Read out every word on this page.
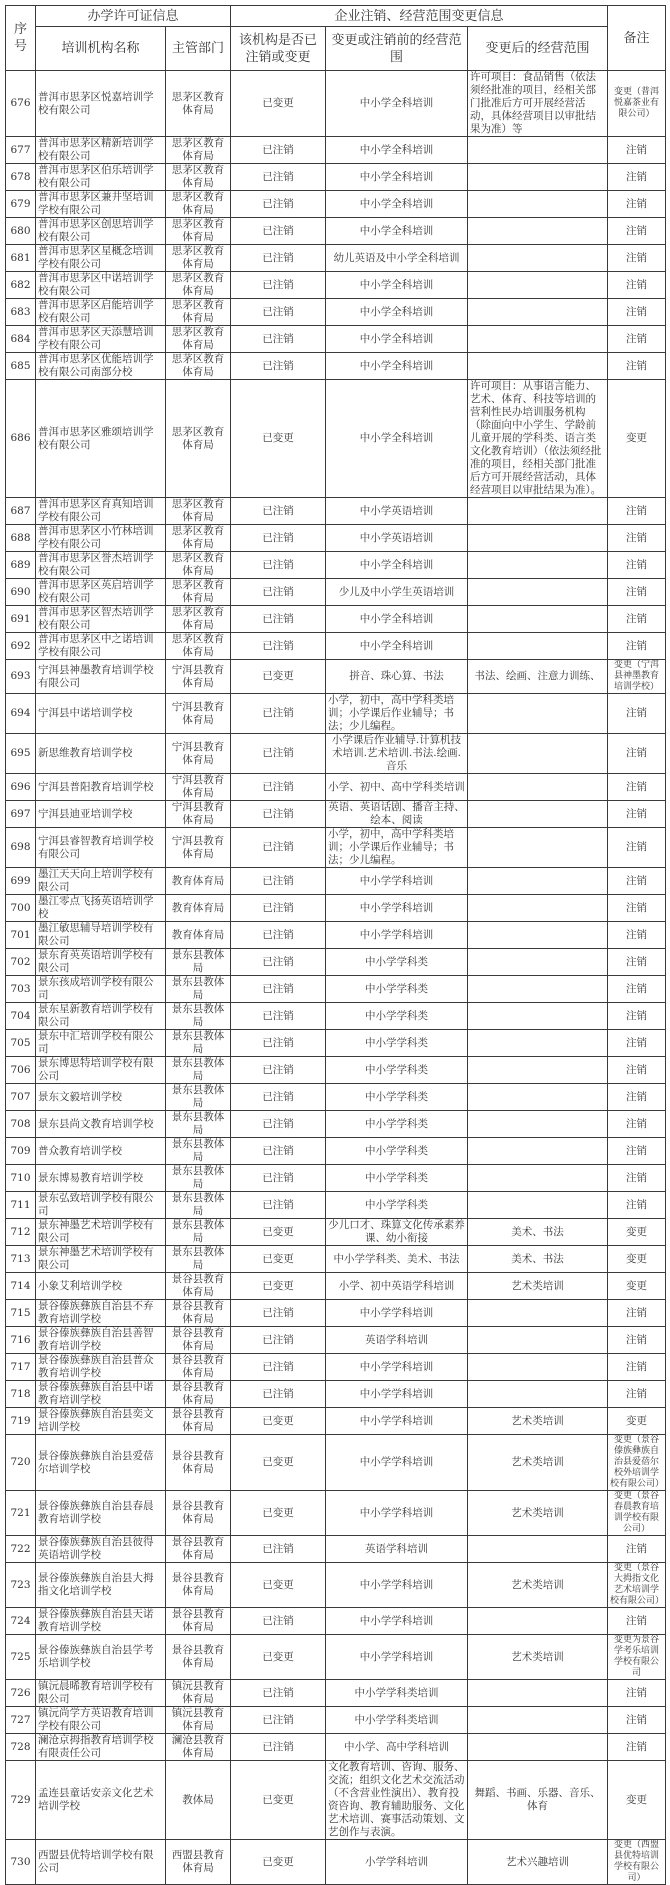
序号	办学许可证信息		企业注销、经营范围变更信息			备注
	培训机构名称	主管部门	该机构是否已注销或变更	变更或注销前的经营范围	变更后的经营范围	
676	普洱市思茅区悦嘉培训学校有限公司	思茅区教育体育局	已变更	中小学全科培训	许可项目：食品销售（依法须经批准的项目，经相关部门批准后方可开展经营活动，具体经营项目以审批结果为准）等	变更（普洱悦嘉茶业有限公司）
677	普洱市思茅区精新培训学校有限公司	思茅区教育体育局	已注销	中小学全科培训		注销
678	普洱市思茅区伯乐培训学校有限公司	思茅区教育体育局	已注销	中小学全科培训		注销
679	普洱市思茅区兼井坚培训学校有限公司	思茅区教育体育局	已注销	中小学全科培训		注销
680	普洱市思茅区创思培训学校有限公司	思茅区教育体育局	已注销	中小学全科培训		注销
681	普洱市思茅区星概念培训学校有限公司	思茅区教育体育局	已注销	幼儿英语及中小学全科培训		注销
682	普洱市思茅区中诺培训学校有限公司	思茅区教育体育局	已注销	中小学全科培训		注销
683	普洱市思茅区启能培训学校有限公司	思茅区教育体育局	已注销	中小学全科培训		注销
684	普洱市思茅区天添慧培训学校有限公司	思茅区教育体育局	已注销	中小学全科培训		注销
685	普洱市思茅区优能培训学校有限公司南部分校	思茅区教育体育局	已注销	中小学全科培训		注销
686	普洱市思茅区雅颂培训学校有限公司	思茅区教育体育局	已变更	中小学全科培训	许可项目：从事语言能力、艺术、体育、科技等培训的营利性民办培训服务机构（除面向中小学生、学龄前儿童开展的学科类、语言类文化教育培训）（依法须经批准的项目，经相关部门批准后方可开展经营活动，具体经营项目以审批结果为准）。	变更
687	普洱市思茅区育真知培训学校有限公司	思茅区教育体育局	已注销	中小学英语培训		注销
688	普洱市思茅区小竹林培训学校有限公司	思茅区教育体育局	已注销	中小学英语培训		注销
689	普洱市思茅区誉杰培训学校有限公司	思茅区教育体育局	已注销	中小学全科培训		注销
690	普洱市思茅区英启培训学校有限公司	思茅区教育体育局	已注销	少儿及中小学生英语培训		注销
691	普洱市思茅区智杰培训学校有限公司	思茅区教育体育局	已注销	中小学全科培训		注销
692	普洱市思茅区中之诺培训学校有限公司	思茅区教育体育局	已注销	中小学全科培训		注销
693	宁洱县神墨教育培训学校有限公司	宁洱县教育体育局	已变更	拼音、珠心算、书法	书法、绘画、注意力训练、	变更（宁洱县神墨教育培训学校）
694	宁洱县中诺培训学校	宁洱县教育体育局	已注销	小学，初中，高中学科类培训；小学课后作业辅导；书法；少儿编程。		注销
695	新思维教育培训学校	宁洱县教育体育局	已注销	小学课后作业辅导.计算机技术培训.艺术培训.书法.绘画.音乐		注销
696	宁洱县普阳教育培训学校	宁洱县教育体育局	已注销	小学、初中、高中学科类培训		注销
697	宁洱县迪亚培训学校	宁洱县教育体育局	已注销	英语、英语话剧、播音主持、绘本、阅读		注销
698	宁洱县睿智教育培训学校有限公司	宁洱县教育体育局	已注销	小学，初中，高中学科类培训；小学课后作业辅导；书法；少儿编程。		注销
699	墨江天天向上培训学校有限公司	教育体育局	已注销	中小学学科培训		注销
700	墨江零点飞扬英语培训学校	教育体育局	已注销	中小学学科培训		注销
701	墨江敏思辅导培训学校有限公司	教育体育局	已注销	中小学学科培训		注销
702	景东育英英语培训学校有限公司	景东县教体局	已注销	中小学学科类		注销
703	景东孩成培训学校有限公司	景东县教体局	已注销	中小学学科类		注销
704	景东星新教育培训学校有限公司	景东县教体局	已注销	中小学学科类		注销
705	景东中汇培训学校有限公司	景东县教体局	已注销	中小学学科类		注销
706	景东博思特培训学校有限公司	景东县教体局	已注销	中小学学科类		注销
707	景东文毅培训学校	景东县教体局	已注销	中小学学科类		注销
708	景东县尚文教育培训学校	景东县教体局	已注销	中小学学科类		注销
709	普众教育培训学校	景东县教体局	已注销	中小学学科类		注销
710	景东博易教育培训学校	景东县教体局	已注销	中小学学科类		注销
711	景东弘致培训学校有限公司	景东县教体局	已注销	中小学学科类		注销
712	景东神墨艺术培训学校有限公司	景东县教体局	已变更	少儿口才、珠算文化传承素养课、幼小衔接	美术、书法	变更
713	景东神墨艺术培训学校有限公司	景东县教体局	已变更	中小学学科类、美术、书法	美术、书法	变更
714	小象艾利培训学校	景谷县教育体育局	已变更	小学、初中英语学科培训	艺术类培训	变更
715	景谷傣族彝族自治县不弃教育培训学校	景谷县教育体育局	已注销	中小学学科培训		注销
716	景谷傣族彝族自治县善智教育培训学校	景谷县教育体育局	已注销	英语学科培训		注销
717	景谷傣族彝族自治县普众教育培训学校	景谷县教育体育局	已注销	中小学学科培训		注销
718	景谷傣族彝族自治县中诺教育培训学校	景谷县教育体育局	已注销	中小学学科培训		注销
719	景谷傣族彝族自治县奕文培训学校	景谷县教育体育局	已变更	中小学学科培训	艺术类培训	变更
720	景谷傣族彝族自治县爱蓓尔培训学校	景谷县教育体育局	已变更	中小学学科培训	艺术类培训	变更（景谷傣族彝族自治县爱蓓尔校外培训学校有限公司）
721	景谷傣族彝族自治县春晨教育培训学校	景谷县教育体育局	已变更	中小学学科培训	艺术类培训	变更（景谷春晨教育培训学校有限公司）
722	景谷傣族彝族自治县彼得英语培训学校	景谷县教育体育局	已注销	英语学科培训		注销
723	景谷傣族彝族自治县大拇指文化培训学校	景谷县教育体育局	已变更	中小学学科培训	艺术类培训	变更（景谷大拇指文化艺术培训学校有限公司）
724	景谷傣族彝族自治县天诺教育培训学校	景谷县教育体育局	已注销	中小学学科培训		注销
725	景谷傣族彝族自治县学考乐培训学校	景谷县教育体育局	已变更	中小学学科培训	艺术类培训	变更为景谷学考乐培训学校有限公司
726	镇沅晨晞教育培训学校有限公司	镇沅县教育体育局	已注销	中小学学科类培训		注销
727	镇沅尚学方英语教育培训学校有限公司	镇沅县教育体育局	已注销	中小学学科类培训		注销
728	澜沧京拇指教育培训学校有限责任公司	澜沧县教育体育局	已注销	中小学、高中学科培训		注销
729	孟连县童话安亲文化艺术培训学校	教体局	已变更	文化教育培训、咨询、服务、交流；组织文化艺术交流活动（不含营业性演出）、教育投资咨询、教育辅助服务、文化艺术培训、赛事活动策划、文艺创作与表演。	舞蹈、书画、乐器、音乐、体育	变更
730	西盟县优特培训学校有限公司	西盟县教育体育局	已变更	小学学科培训	艺术兴趣培训	变更（西盟县优特培训学校有限公司）
